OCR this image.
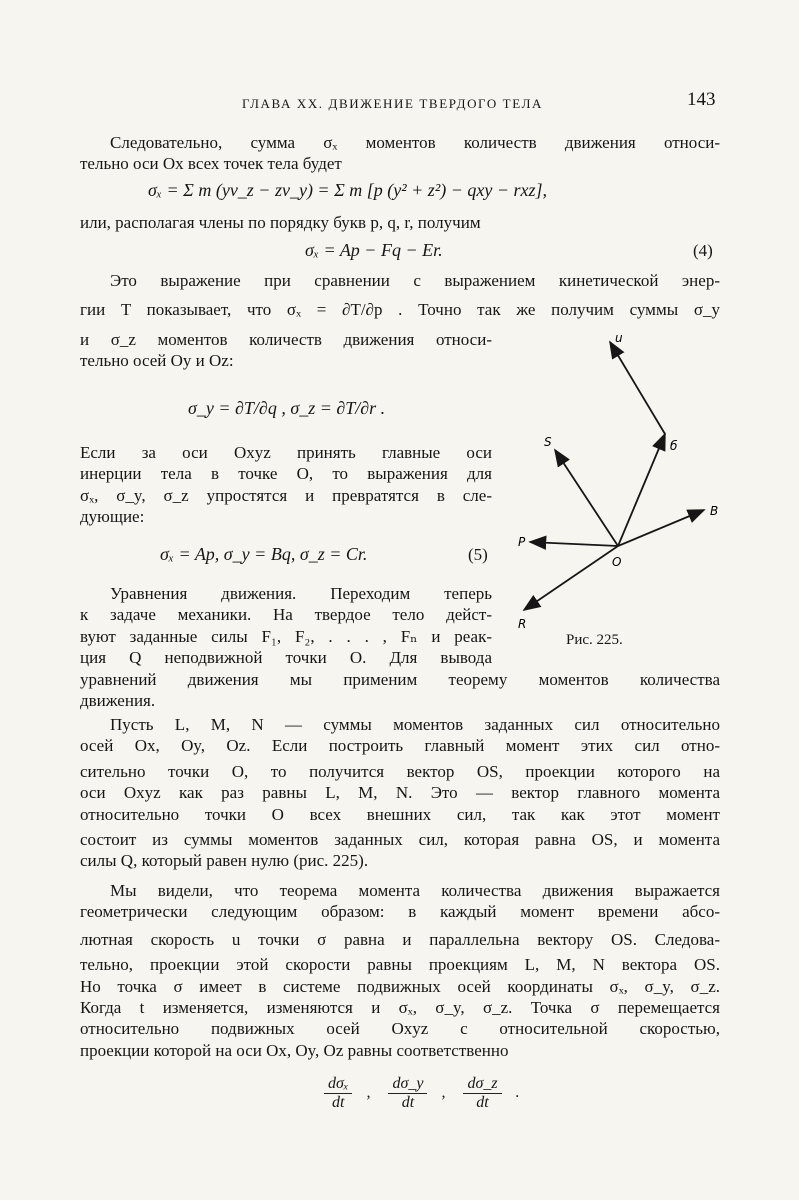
ГЛАВА XX. ДВИЖЕНИЕ ТВЕРДОГО ТЕЛА	143
Следовательно, сумма σₓ моментов количеств движения относи-
тельно оси Ox всех точек тела будет
σₓ = Σ m (yv_z − zv_y) = Σ m [p (y² + z²) − qxy − rxz],
или, располагая члены по порядку букв p, q, r, получим
σₓ = Ap − Fq − Er.	(4)
Это выражение при сравнении с выражением кинетической энер-
гии T показывает, что σₓ = ∂T/∂p . Точно так же получим суммы σ_y
и σ_z моментов количеств движения относи-
тельно осей Oy и Oz:
σ_y = ∂T/∂q , σ_z = ∂T/∂r .
Если за оси Oxyz принять главные оси
инерции тела в точке O, то выражения для
σₓ, σ_y, σ_z упростятся и превратятся в сле-
дующие:
σₓ = Ap, σ_y = Bq, σ_z = Cr.	(5)
Уравнения движения. Переходим теперь
к задаче механики. На твердое тело дейст-
вуют заданные силы F₁, F₂, . . . , Fₙ и реак-
ция Q неподвижной точки O. Для вывода
уравнений движения мы применим теорему моментов количества
движения.
Пусть L, M, N — суммы моментов заданных сил относительно
осей Ox, Oy, Oz. Если построить главный момент этих сил отно-
сительно точки O, то получится вектор OS, проекции которого на
оси Oxyz как раз равны L, M, N. Это — вектор главного момента
относительно точки O всех внешних сил, так как этот момент
состоит из суммы моментов заданных сил, которая равна OS, и момента
силы Q, который равен нулю (рис. 225).
Мы видели, что теорема момента количества движения выражается
геометрически следующим образом: в каждый момент времени абсо-
лютная скорость u точки σ равна и параллельна вектору OS. Следова-
тельно, проекции этой скорости равны проекциям L, M, N вектора OS.
Но точка σ имеет в системе подвижных осей координаты σₓ, σ_y, σ_z.
Когда t изменяется, изменяются и σₓ, σ_y, σ_z. Точка σ перемещается
относительно подвижных осей Oxyz с относительной скоростью,
проекции которой на оси Ox, Oy, Oz равны соответственно
$\frac{\text{dσₓ}}{dt}$ , $\frac{d\sigma\_y}{dt}$ , $\frac{d\sigma\_z}{dt}$ .
u
S	б
B
P
O
R
Рис. 225.
